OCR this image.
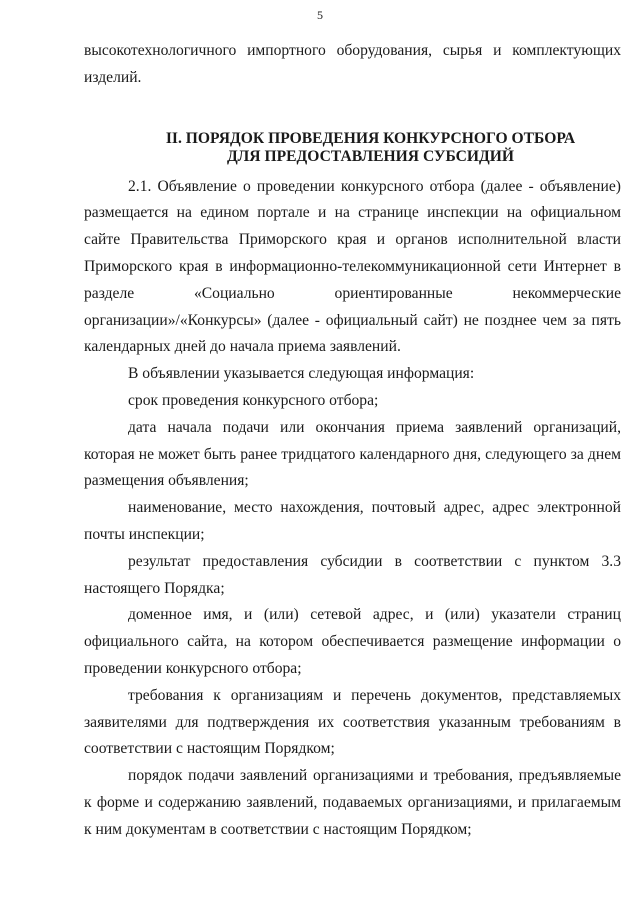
5

высокотехнологичного импортного оборудования, сырья и комплектующих изделий.

II. ПОРЯДОК ПРОВЕДЕНИЯ КОНКУРСНОГО ОТБОРА
ДЛЯ ПРЕДОСТАВЛЕНИЯ СУБСИДИЙ

2.1. Объявление о проведении конкурсного отбора (далее - объявление) размещается на едином портале и на странице инспекции на официальном сайте Правительства Приморского края и органов исполнительной власти Приморского края в информационно-телекоммуникационной сети Интернет в разделе «Социально ориентированные некоммерческие организации»/«Конкурсы» (далее - официальный сайт) не позднее чем за пять календарных дней до начала приема заявлений.

В объявлении указывается следующая информация:

срок проведения конкурсного отбора;

дата начала подачи или окончания приема заявлений организаций, которая не может быть ранее тридцатого календарного дня, следующего за днем размещения объявления;

наименование, место нахождения, почтовый адрес, адрес электронной почты инспекции;

результат предоставления субсидии в соответствии с пунктом 3.3 настоящего Порядка;

доменное имя, и (или) сетевой адрес, и (или) указатели страниц официального сайта, на котором обеспечивается размещение информации о проведении конкурсного отбора;

требования к организациям и перечень документов, представляемых заявителями для подтверждения их соответствия указанным требованиям в соответствии с настоящим Порядком;

порядок подачи заявлений организациями и требования, предъявляемые к форме и содержанию заявлений, подаваемых организациями, и прилагаемым к ним документам в соответствии с настоящим Порядком;
